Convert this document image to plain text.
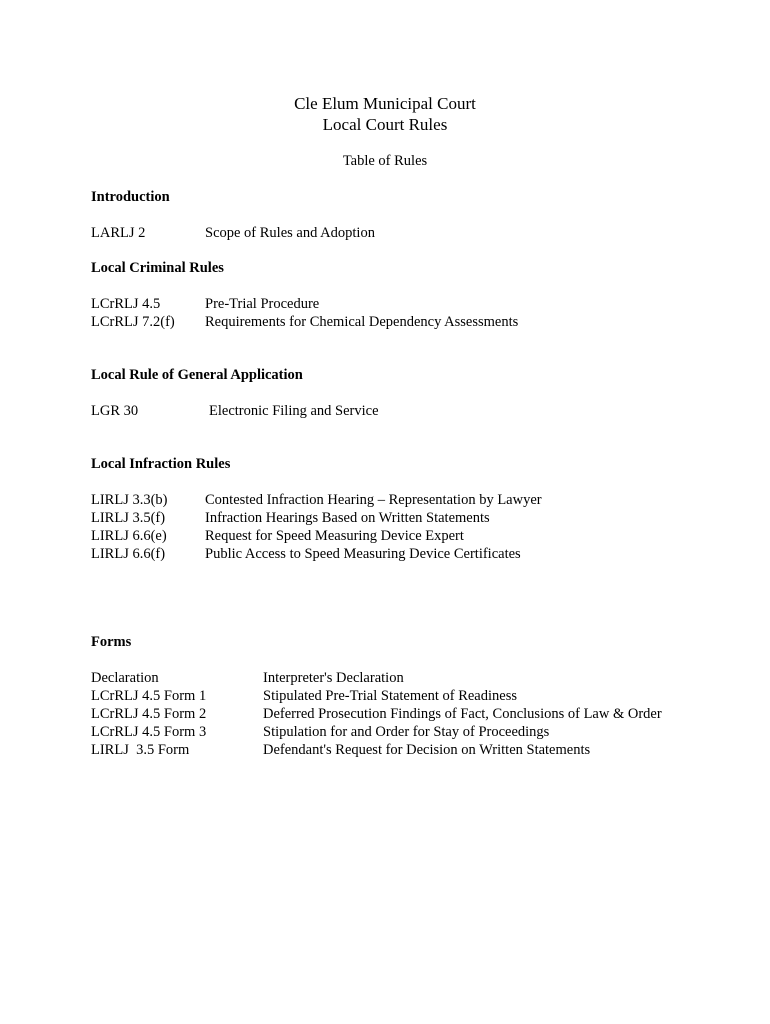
Cle Elum Municipal Court
Local Court Rules
Table of Rules
Introduction
LARLJ 2	Scope of Rules and Adoption
Local Criminal Rules
LCrRLJ 4.5	Pre-Trial Procedure
LCrRLJ 7.2(f) Requirements for Chemical Dependency Assessments
Local Rule of General Application
LGR 30	Electronic Filing and Service
Local Infraction Rules
LIRLJ 3.3(b)	Contested Infraction Hearing – Representation by Lawyer
LIRLJ 3.5(f)	Infraction Hearings Based on Written Statements
LIRLJ 6.6(e)	Request for Speed Measuring Device Expert
LIRLJ 6.6(f)	Public Access to Speed Measuring Device Certificates
Forms
Declaration	Interpreter's Declaration
LCrRLJ 4.5 Form 1	Stipulated Pre-Trial Statement of Readiness
LCrRLJ 4.5 Form 2	Deferred Prosecution Findings of Fact, Conclusions of Law & Order
LCrRLJ 4.5 Form 3	Stipulation for and Order for Stay of Proceedings
LIRLJ  3.5 Form	Defendant's Request for Decision on Written Statements
